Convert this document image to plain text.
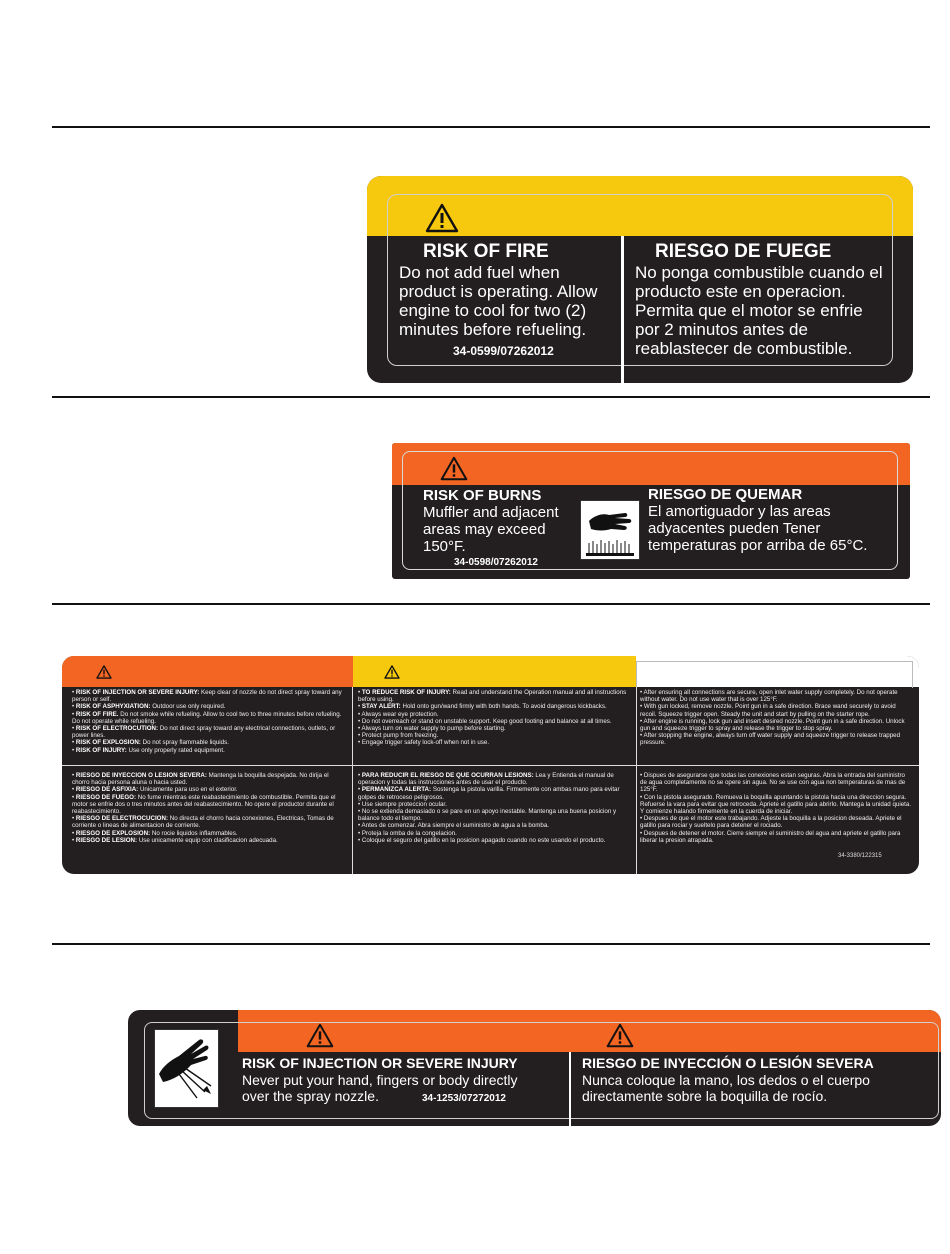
RISK OF FIRE
Do not add fuel when
product is operating. Allow
engine to cool for two (2)
minutes before refueling.
34-0599/07262012
RIESGO DE FUEGE
No ponga combustible cuando el
producto este en operacion.
Permita que el motor se enfrie
por 2 minutos antes de
reablastecer de combustible.
RISK OF BURNS
Muffler and adjacent
areas may exceed
150°F.
34-0598/07262012
RIESGO DE QUEMAR
El amortiguador y las areas
adyacentes pueden Tener
temperaturas por arriba de 65°C.

• RISK OF INJECTION OR SEVERE INJURY: Keep clear of nozzle do not direct spray toward any person or self.

• RISK OF ASPHYXIATION: Outdoor use only required.

• RISK OF FIRE. Do not smoke while refueling. Allow to cool two to three minutes before refueling. Do not operate while refueling.

• RISK OF ELECTROCUTION: Do not direct spray toward any electrical connections, outlets, or power lines.

• RISK OF EXPLOSION: Do not spray flammable liquids.

• RISK OF INJURY: Use only properly rated equipment.

• RIESGO DE INYECCION O LESION SEVERA: Mantenga la boquilla despejada. No dirija el chorro hacia persona aluna o hacia usted.

• RIESGO DE ASFIXIA: Unicamente para uso en el exterior.

• RIESGO DE FUEGO: No fume mientras este reabastecimiento de combustible. Permita que el motor se enfrie dos o tres minutos antes del reabastecimiento. No opere el productor durante el reabastecimiento.

• RIESGO DE ELECTROCUCION: No directa el chorro hacia conexiones, Electricas, Tomas de corriente o lineas de alimentacion de corriente.

• RIESGO DE EXPLOSION: No rocie liquidos inflammables.

• RIESGO DE LESION: Use unicamente equip con clasificacion adecuada.

• TO REDUCE RISK OF INJURY: Read and understand the Operation manual and all instructions before using.

• STAY ALERT: Hold onto gun/wand firmly with both hands. To avoid dangerous kickbacks.

• Always wear eye protection.

• Do not overreach or stand on unstable support. Keep good footing and balance at all times.

• Always turn on water supply to pump before starting.

• Protect pump from freezing.

• Engage trigger safety lock-off when not in use.

• PARA REDUCIR EL RIESGO DE QUE OCURRAN LESIONS: Lea y Entienda el manual de operacion y todas las instrucciones antes de usar el producto.

• PERMANIZCA ALERTA: Sostenga la pistola varilla. Firmemente con ambas mano para evitar golpes de retroceso peligrosos.

• Use siempre proteccion ocular.

• No se extienda demasiado o se pare en un apoyo inestable. Mantenga una buena posicion y balance todo el tiempo.

• Antes de comenzar. Abra siempre el suministro de agua a la bomba.

• Proteja la omba de la congelacion.

• Coloque el seguro del gatillo en la posicion apagado cuando no este usando el producto.

• After ensuring all connections are secure, open inlet water supply completely. Do not operate without water. Do not use water that is over 125°F.

• With gun locked, remove nozzle. Point gun in a safe direction. Brace wand securely to avoid recoil. Squeeze trigger open. Steady the unit and start by pulling on the starter rope.

• After engine is running, lock gun and insert desired nozzle. Point gun in a safe direction. Unlock gun and squeeze trigger to spray and release the trigger to stop spray.

• After stopping the engine, always turn off water supply and squeeze trigger to release trapped pressure.

• Dispues de asegurarse que todas las conexiones estan seguras. Abra la entrada del suministro de agua completamente no se opere sin agua. No se use con agua non temperaturas de mas de 125°F.

• Con la pistola asegurado. Remueva la boquilla apuntando la pistola hacia una direccion segura. Refuerse la vara para evitar que retroceda. Apriete el gatillo para abrirlo. Mantega la unidad quieta. Y comienze halando firmemente en la cuerda de iniciar.

• Despues de que el motor este trabajando. Adjeste la boquilla a la posicion deseada. Apriete el gatillo para rociar y sueltelo para detener el rociado.

• Despues de detener el motor. Cierre siempre el suministro del agua and apriete el gatillo para liberar la presion atrapada.

34-3380/122315
RISK OF INJECTION OR SEVERE INJURY
Never put your hand, fingers or body directly
over the spray nozzle.	34-1253/07272012
RIESGO DE INYECCIÓN O LESIÓN SEVERA
Nunca coloque la mano, los dedos o el cuerpo
directamente sobre la boquilla de rocío.
